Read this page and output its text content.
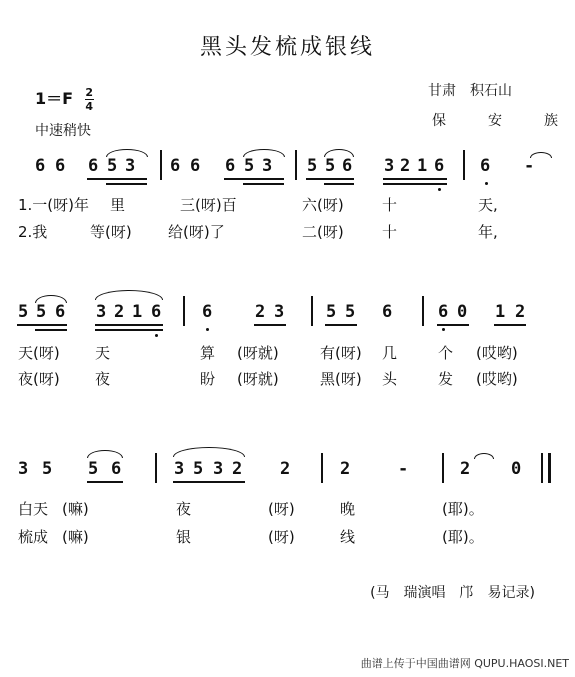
黑头发梳成银线
$1=F \frac{2}{4}$
中速稍快
甘肃　积石山
保　安　族
6 6 6 5 3 6 6 6 5 3 5 5 6 3 2 1 6 6 -
1.一(呀)年 里	三(呀)百	六(呀)	十	天,
2.我	等(呀) 给(呀)了	二(呀)	十	年,
5 5 6 3 2 1 6 6	2 3 5 5 6	6 0 1 2
天(呀) 天	算 (呀就)	有(呀) 几	个 (哎哟)
夜(呀) 夜	盼 (呀就)	黑(呀) 头	发 (哎哟)
3 5 5 6	3 5 3 2 2	2	-	2 0
白天 (嘛)	夜	(呀)	晚	(耶)。
梳成 (嘛)	银	(呀)	线	(耶)。
(马　瑞演唱　邝　易记录)
曲谱上传于中国曲谱网 QUPU.HAOSI.NET
